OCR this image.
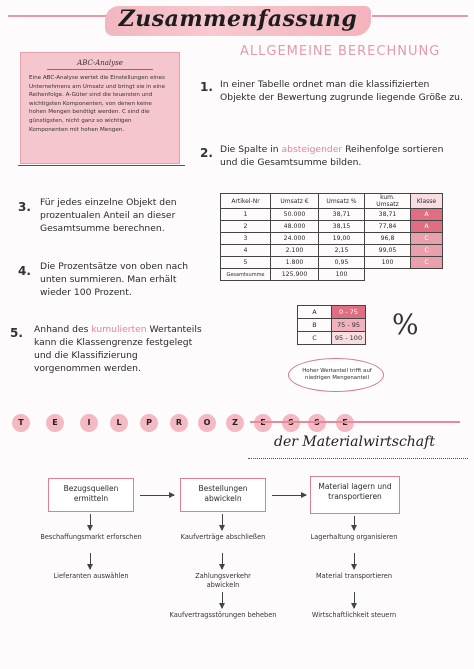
Zusammenfassung
ABC-Analyse
Eine ABC-Analyse wertet die Einstellungen eines Unternehmens am Umsatz und bringt sie in eine Reihenfolge. A-Güter sind die teuersten und wichtigsten Komponenten, von denen keine hohen Mengen benötigt werden. C sind die günstigsten, nicht ganz so wichtigen Komponenten mit hohen Mengen.
ALLGEMEINE BERECHNUNG
1. In einer Tabelle ordnet man die klassifizierten Objekte der Bewertung zugrunde liegende Größe zu.
2. Die Spalte in absteigender Reihenfolge sortieren und die Gesamtsumme bilden.
3. Für jedes einzelne Objekt den prozentualen Anteil an dieser Gesamtsumme berechnen.
4. Die Prozentsätze von oben nach unten summieren. Man erhält wieder 100 Prozent.
5. Anhand des kumulierten Wertanteils kann die Klassengrenze festgelegt und die Klassifizierung vorgenommen werden.
Artikel-Nr	Umsatz €	Umsatz %	kum. Umsatz	Klasse
1	50.000	38,71	38,71	A
2	48.000	38,15	77,84	A
3	24.000	19,00	96,8	C
4	2.100	2,15	99,05	C
5	1.800	0,95	100	C
Gesamtsumme	125.900	100		
A	0 - 75
B	75 - 95
C	95 - 100 %
Hoher Wertanteil trifft auf niedrigen Mengenanteil
T	E	I	L	P	R	O	Z
der Materialwirtschaft
Bezugsquellen ermitteln
Bestellungen abwickeln
Material lagern und transportieren
Beschaffungsmarkt erforschen
Lieferanten auswählen
Kaufverträge abschließen
Zahlungsverkehr abwickeln
Kaufvertragsstörungen beheben
Lagerhaltung organisieren
Material transportieren
Wirtschaftlichkeit steuern
